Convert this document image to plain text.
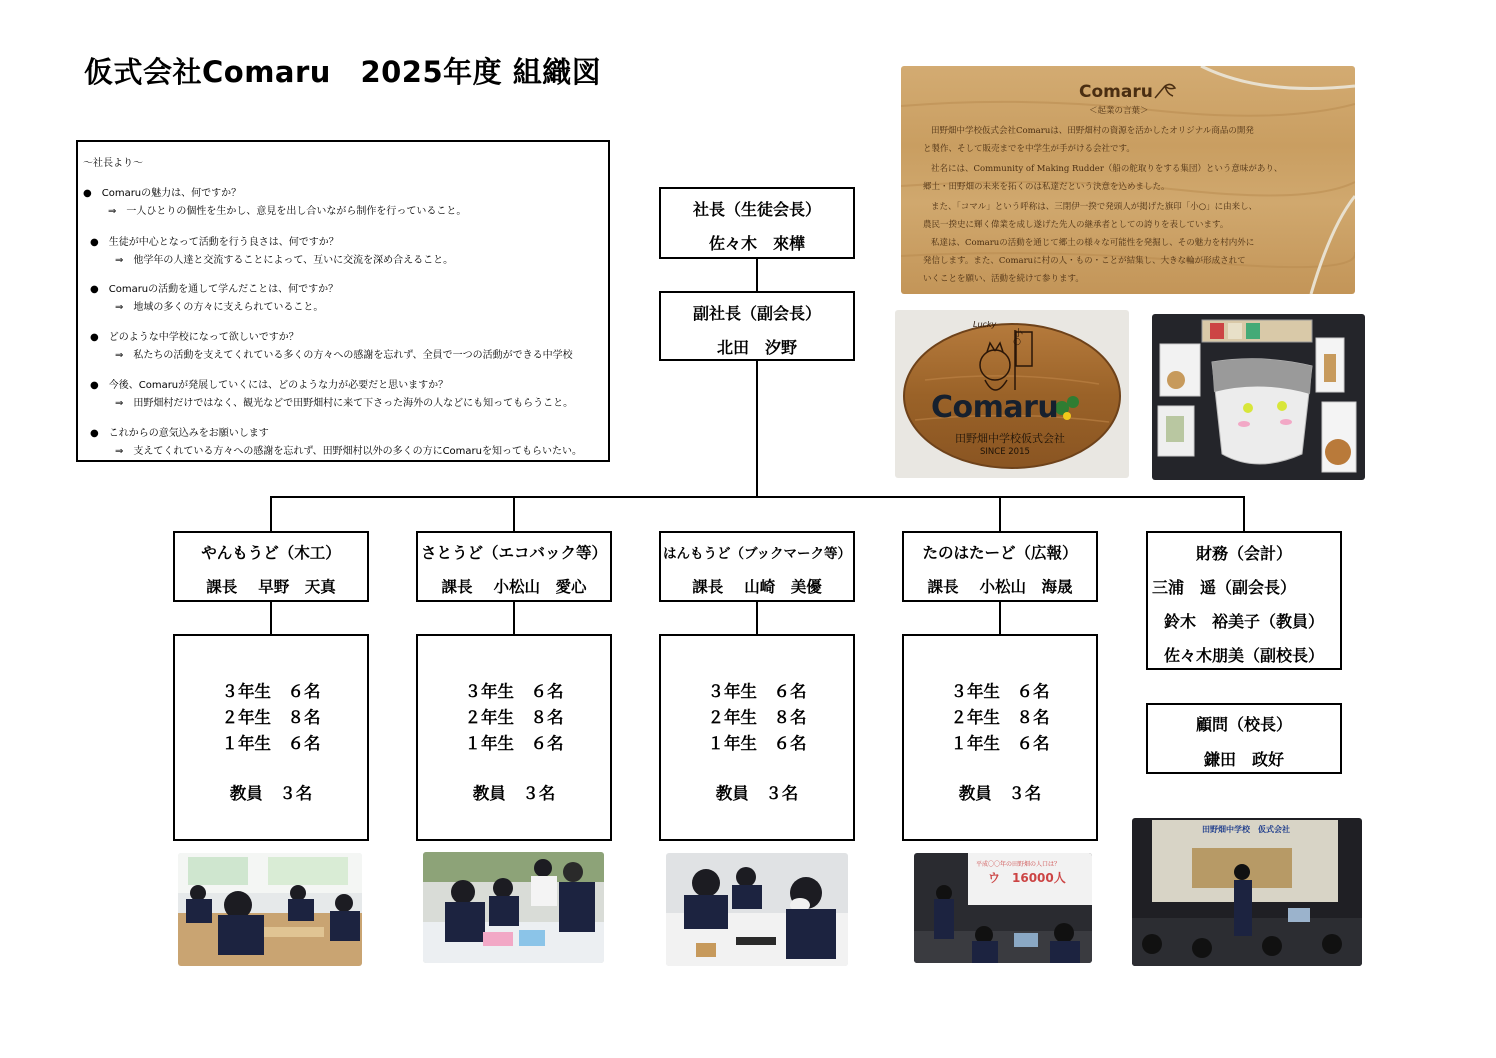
仮式会社Comaru　2025年度 組織図
～社長より～
●　Comaruの魅力は、何ですか？
⇒　一人ひとりの個性を生かし、意見を出し合いながら制作を行っていること。
●　生徒が中心となって活動を行う良さは、何ですか？
⇒　他学年の人達と交流することによって、互いに交流を深め合えること。
●　Comaruの活動を通して学んだことは、何ですか？
⇒　地域の多くの方々に支えられていること。
●　どのような中学校になって欲しいですか？
⇒　私たちの活動を支えてくれている多くの方々への感謝を忘れず、全員で一つの活動ができる中学校
●　今後、Comaruが発展していくには、どのような力が必要だと思いますか？
⇒　田野畑村だけではなく、観光などで田野畑村に来て下さった海外の人などにも知ってもらうこと。
●　これからの意気込みをお願いします
⇒　支えてくれている方々への感謝を忘れず、田野畑村以外の多くの方にComaruを知ってもらいたい。
社長（生徒会長）
佐々木　來樺
副社長（副会長）
北田　汐野
やんもうど（木工）
課長　 早野　天真
さとうど（エコバック等）
課長　 小松山　愛心
はんもうど（ブックマーク等）
課長　 山崎　美優
たのはたーど（広報）
課長　 小松山　海晟
３年生　６名
２年生　８名
１年生　６名
教員　３名
３年生　６名
２年生　８名
１年生　６名
教員　３名
３年生　６名
２年生　８名
１年生　６名
教員　３名
３年生　６名
２年生　８名
１年生　６名
教員　３名
財務（会計）
三浦　遥（副会長）
鈴木　裕美子（教員）
佐々木朋美（副校長）
顧問（校長）
鎌田　政好
Comaru
＜起業の言葉＞
田野畑中学校仮式会社Comaruは、田野畑村の資源を活かしたオリジナル商品の開発
と製作、そして販売までを中学生が手がける会社です。
社名には、Community of Making Rudder（船の舵取りをする集団）という意味があり、
郷土・田野畑の未来を拓くのは私達だという決意を込めました。
また、「コマル」という呼称は、三閉伊一揆で発頭人が掲げた旗印「小○」に由来し、
農民一揆史に輝く偉業を成し遂げた先人の継承者としての誇りを表しています。
私達は、Comaruの活動を通じて郷土の様々な可能性を発掘し、その魅力を村内外に
発信します。また、Comaruに村の人・もの・ことが結集し、大きな輪が形成されて
いくことを願い、活動を続けて参ります。
小○
Lucky
Comaru
田野畑中学校仮式会社
SINCE 2015
平成〇〇年の田野畑の人口は？
ウ　16000人
田野畑中学校　仮式会社
